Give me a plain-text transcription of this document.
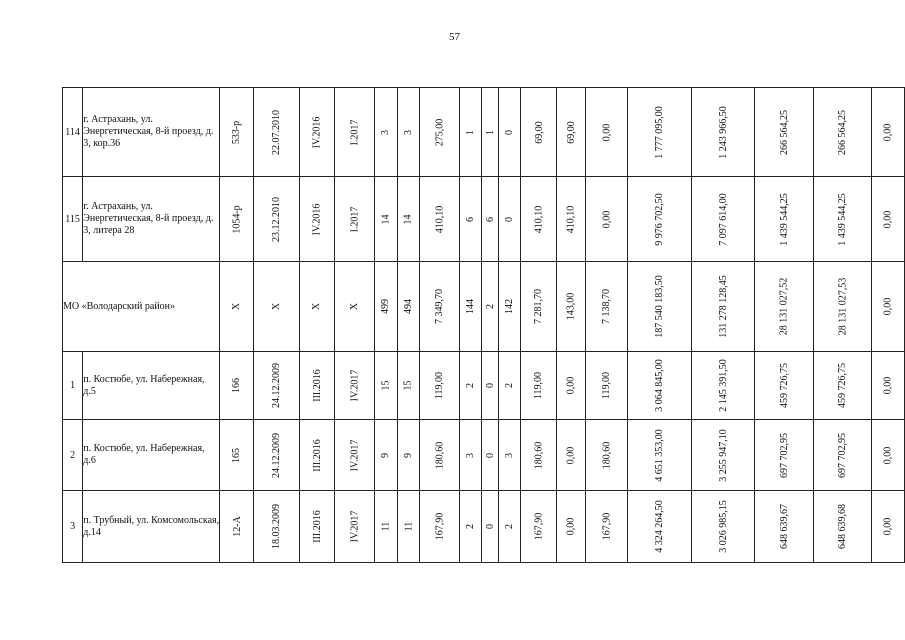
57
114	г. Астрахань, ул. Энергетическая, 8-й проезд, д. 3, кор.36	533-р	22.07.2010	IV.2016	I.2017	3	3	275,00	1	1	0	69,00	69,00	0,00	1 777 095,00	1 243 966,50	266 564,25	266 564,25	0,00
115	г. Астрахань, ул. Энергетическая, 8-й проезд, д. 3, литера 28	1054-р	23.12.2010	IV.2016	I.2017	14	14	410,10	6	6	0	410,10	410,10	0,00	9 976 702,50	7 097 614,00	1 439 544,25	1 439 544,25	0,00
МО «Володарский район»		X	X	X	X	499	494	7 349,70	144	2	142	7 281,70	143,00	7 138,70	187 540 183,50	131 278 128,45	28 131 027,52	28 131 027,53	0,00
1	п. Костюбе, ул. Набережная, д.5	166	24.12.2009	III.2016	IV.2017	15	15	119,00	2	0	2	119,00	0,00	119,00	3 064 845,00	2 145 391,50	459 726,75	459 726,75	0,00
2	п. Костюбе, ул. Набережная, д.6	165	24.12.2009	III.2016	IV.2017	9	9	180,60	3	0	3	180,60	0,00	180,60	4 651 353,00	3 255 947,10	697 702,95	697 702,95	0,00
3	п. Трубный, ул. Комсомольская, д.14	12-А	18.03.2009	III.2016	IV.2017	11	11	167,90	2	0	2	167,90	0,00	167,90	4 324 264,50	3 026 985,15	648 639,67	648 639,68	0,00
